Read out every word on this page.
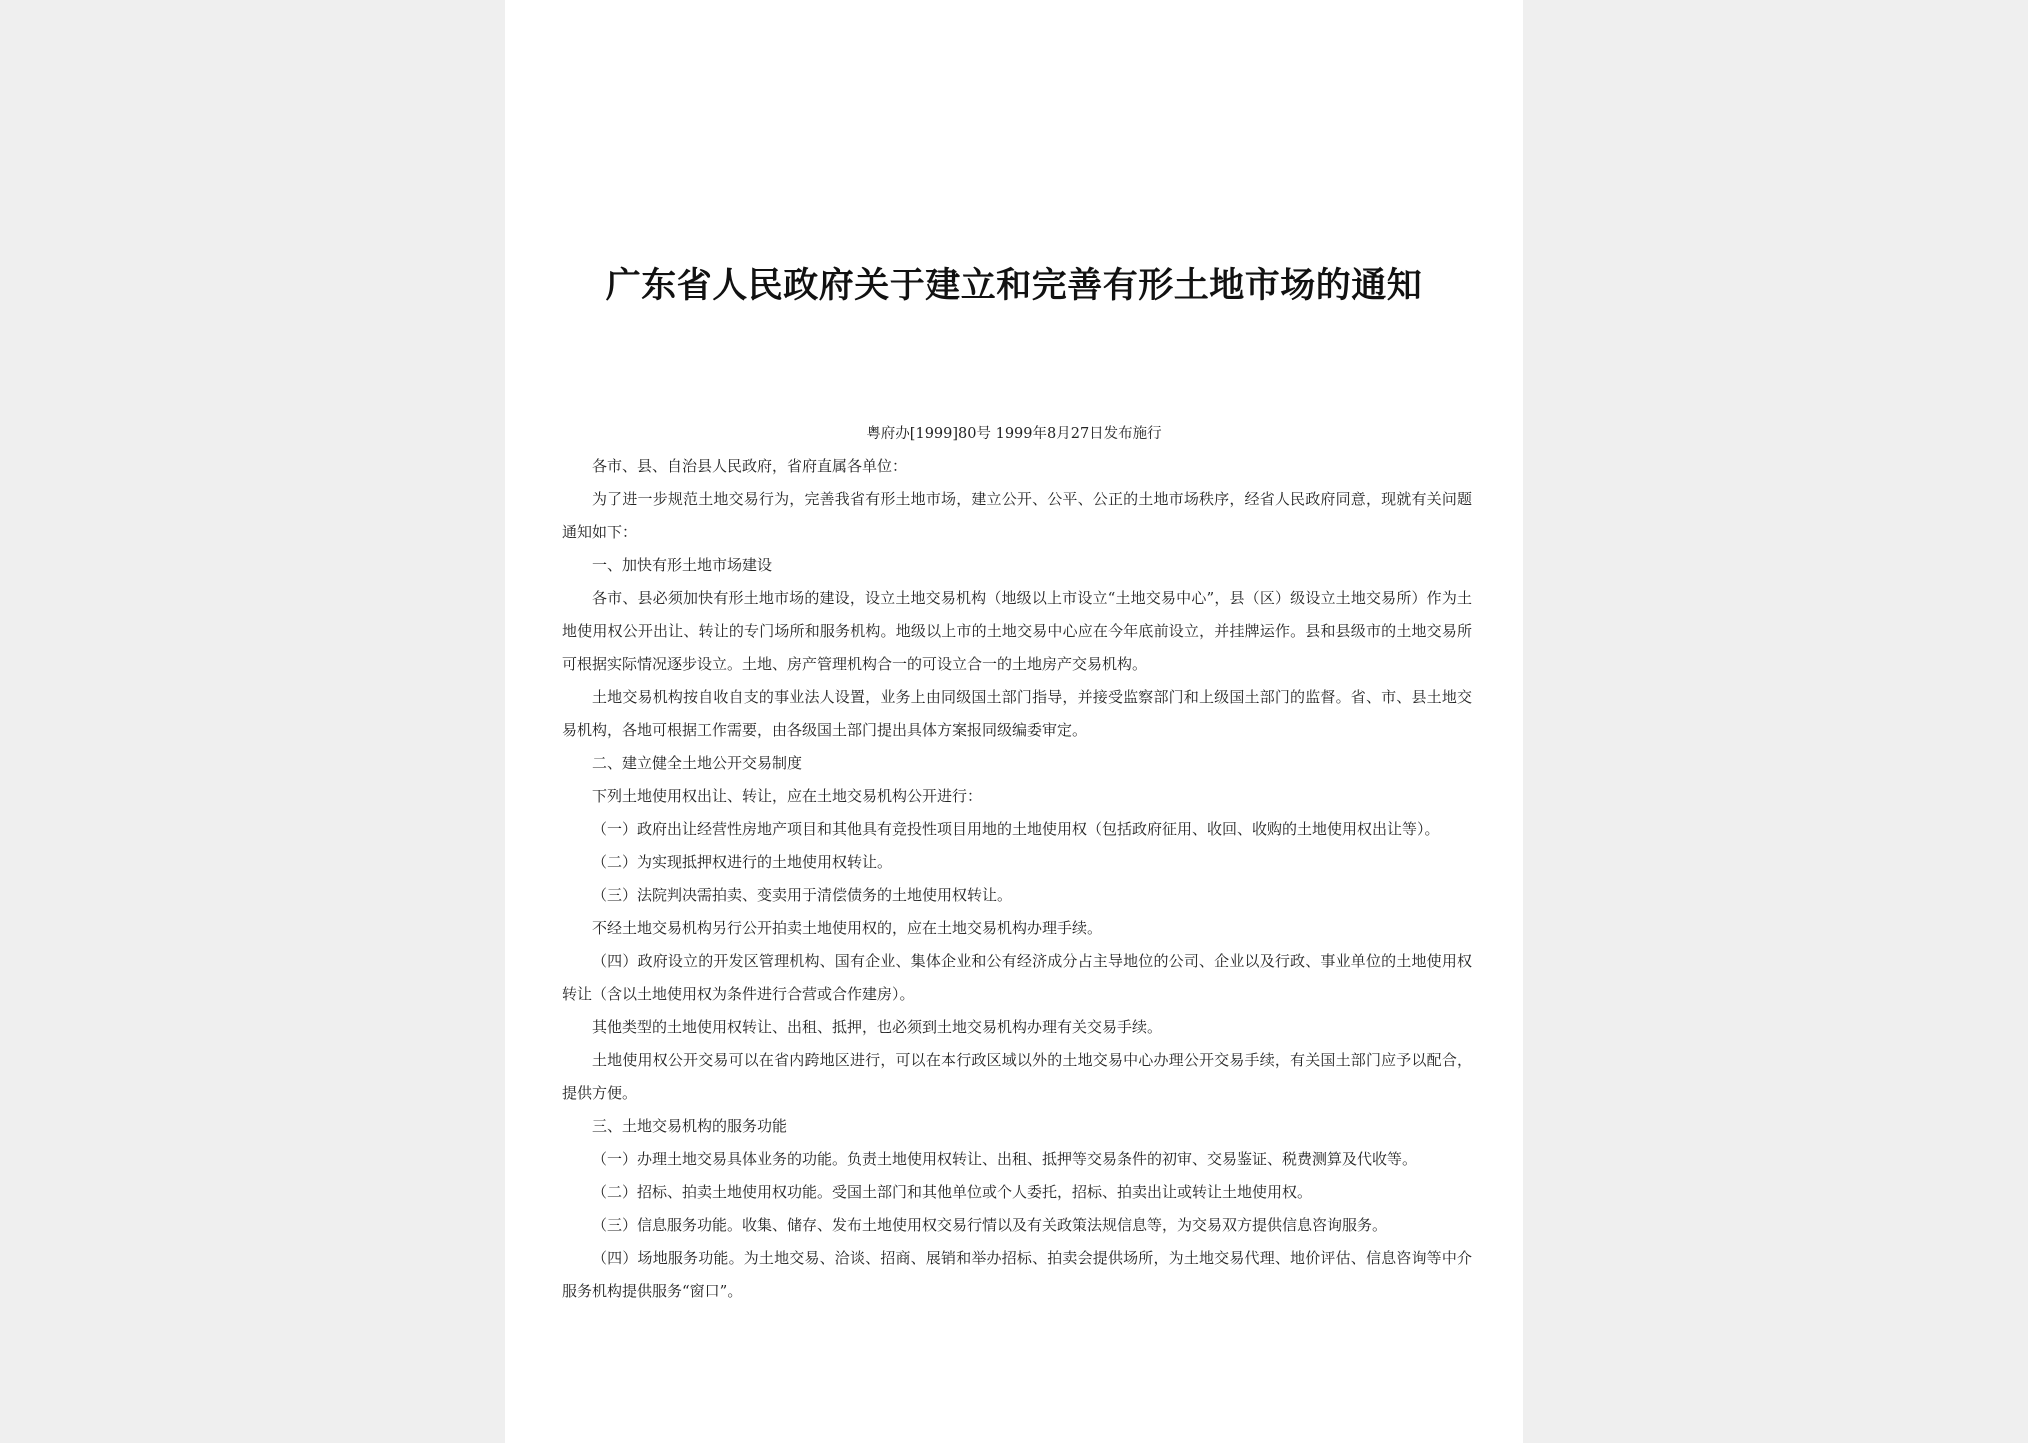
广东省人民政府关于建立和完善有形土地市场的通知

粤府办[1999]80号 1999年8月27日发布施行

各市、县、自治县人民政府，省府直属各单位：

为了进一步规范土地交易行为，完善我省有形土地市场，建立公开、公平、公正的土地市场秩序，经省人民政府同意，现就有关问题通知如下：

一、加快有形土地市场建设

各市、县必须加快有形土地市场的建设，设立土地交易机构（地级以上市设立“土地交易中心”，县（区）级设立土地交易所）作为土地使用权公开出让、转让的专门场所和服务机构。地级以上市的土地交易中心应在今年底前设立，并挂牌运作。县和县级市的土地交易所可根据实际情况逐步设立。土地、房产管理机构合一的可设立合一的土地房产交易机构。

土地交易机构按自收自支的事业法人设置，业务上由同级国土部门指导，并接受监察部门和上级国土部门的监督。省、市、县土地交易机构，各地可根据工作需要，由各级国土部门提出具体方案报同级编委审定。

二、建立健全土地公开交易制度

下列土地使用权出让、转让，应在土地交易机构公开进行：

（一）政府出让经营性房地产项目和其他具有竞投性项目用地的土地使用权（包括政府征用、收回、收购的土地使用权出让等）。

（二）为实现抵押权进行的土地使用权转让。

（三）法院判决需拍卖、变卖用于清偿债务的土地使用权转让。

不经土地交易机构另行公开拍卖土地使用权的，应在土地交易机构办理手续。

（四）政府设立的开发区管理机构、国有企业、集体企业和公有经济成分占主导地位的公司、企业以及行政、事业单位的土地使用权转让（含以土地使用权为条件进行合营或合作建房）。

其他类型的土地使用权转让、出租、抵押，也必须到土地交易机构办理有关交易手续。

土地使用权公开交易可以在省内跨地区进行，可以在本行政区域以外的土地交易中心办理公开交易手续，有关国土部门应予以配合，提供方便。

三、土地交易机构的服务功能

（一）办理土地交易具体业务的功能。负责土地使用权转让、出租、抵押等交易条件的初审、交易鉴证、税费测算及代收等。

（二）招标、拍卖土地使用权功能。受国土部门和其他单位或个人委托，招标、拍卖出让或转让土地使用权。

（三）信息服务功能。收集、储存、发布土地使用权交易行情以及有关政策法规信息等，为交易双方提供信息咨询服务。

（四）场地服务功能。为土地交易、洽谈、招商、展销和举办招标、拍卖会提供场所，为土地交易代理、地价评估、信息咨询等中介服务机构提供服务“窗口”。
